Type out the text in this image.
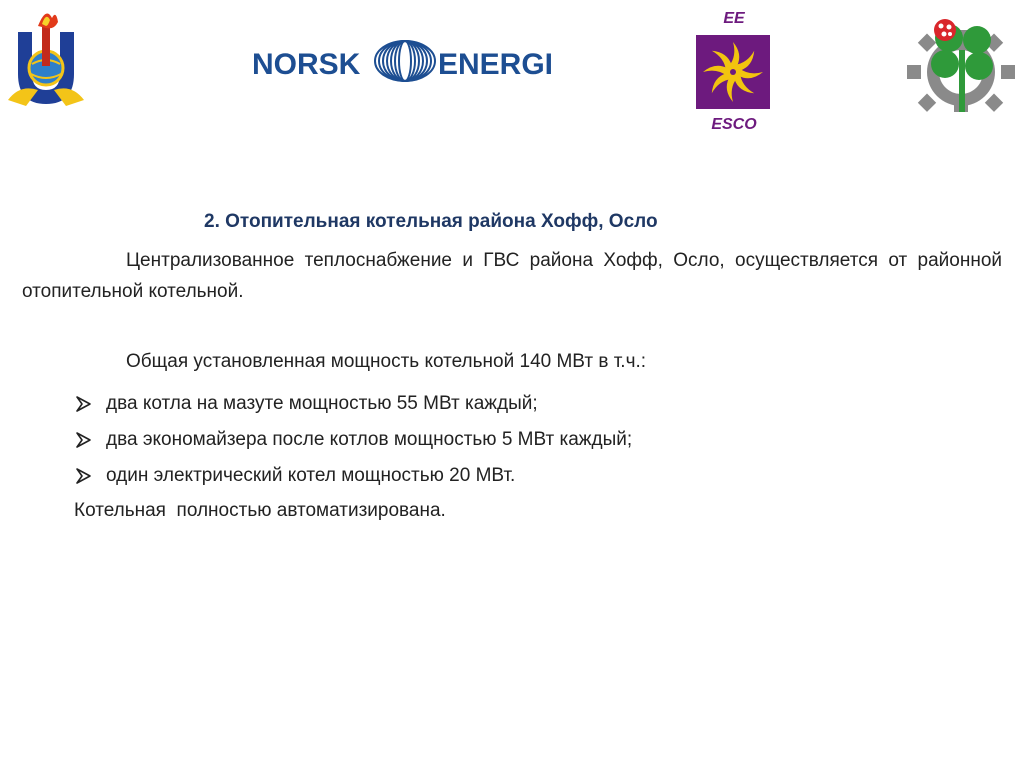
NORSK	ENERGI
EE
ESCO
2. Отопительная котельная района Хофф, Осло
Централизованное теплоснабжение и ГВС района Хофф, Осло, осуществляется от районной отопительной котельной.
Общая установленная мощность котельной 140 МВт в т.ч.:
два котла на мазуте мощностью 55 МВт каждый;
два экономайзера после котлов мощностью 5 МВт каждый;
один электрический котел мощностью 20 МВт.
Котельная  полностью автоматизирована.
